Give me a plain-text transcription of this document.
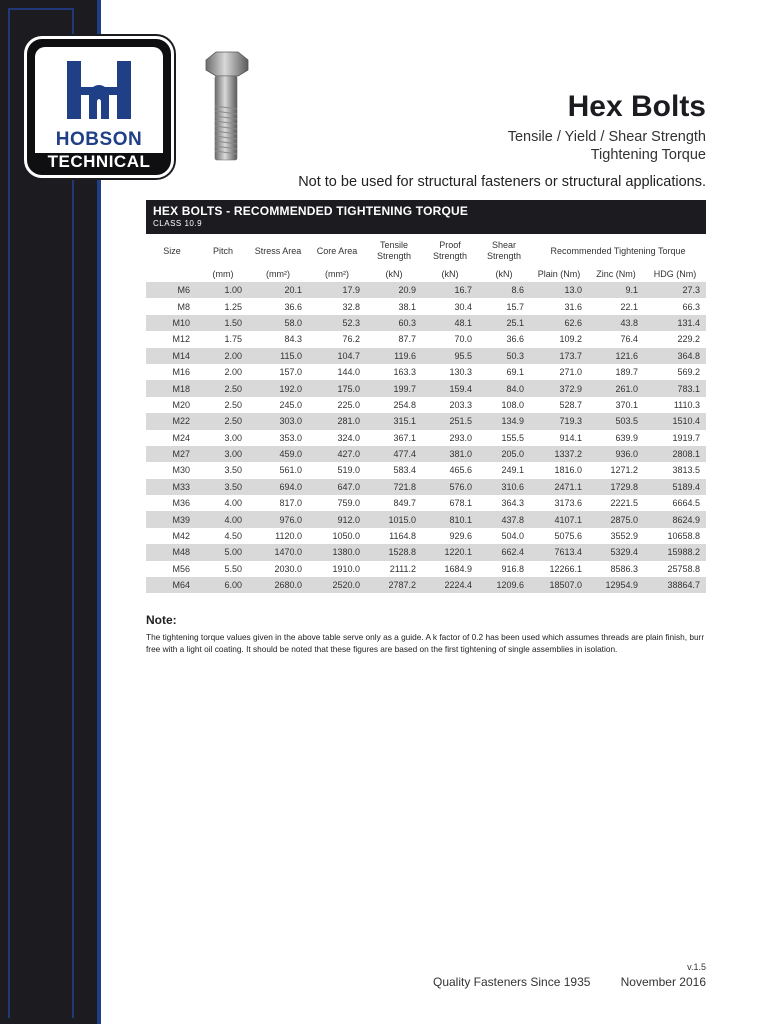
HOBSON
TECHNICAL
Hex Bolts
Tensile / Yield / Shear Strength
Tightening Torque
Not to be used for structural fasteners or structural applications.
HEX BOLTS - RECOMMENDED TIGHTENING TORQUE
CLASS 10.9
Size	Pitch	Stress Area	Core Area	Tensile Strength	Proof Strength	Shear Strength	Recommended Tightening Torque		
	(mm)	(mm²)	(mm²)	(kN)	(kN)	(kN)	Plain (Nm)	Zinc (Nm)	HDG (Nm)
M6	1.00	20.1	17.9	20.9	16.7	8.6	13.0	9.1	27.3
M8	1.25	36.6	32.8	38.1	30.4	15.7	31.6	22.1	66.3
M10	1.50	58.0	52.3	60.3	48.1	25.1	62.6	43.8	131.4
M12	1.75	84.3	76.2	87.7	70.0	36.6	109.2	76.4	229.2
M14	2.00	115.0	104.7	119.6	95.5	50.3	173.7	121.6	364.8
M16	2.00	157.0	144.0	163.3	130.3	69.1	271.0	189.7	569.2
M18	2.50	192.0	175.0	199.7	159.4	84.0	372.9	261.0	783.1
M20	2.50	245.0	225.0	254.8	203.3	108.0	528.7	370.1	1110.3
M22	2.50	303.0	281.0	315.1	251.5	134.9	719.3	503.5	1510.4
M24	3.00	353.0	324.0	367.1	293.0	155.5	914.1	639.9	1919.7
M27	3.00	459.0	427.0	477.4	381.0	205.0	1337.2	936.0	2808.1
M30	3.50	561.0	519.0	583.4	465.6	249.1	1816.0	1271.2	3813.5
M33	3.50	694.0	647.0	721.8	576.0	310.6	2471.1	1729.8	5189.4
M36	4.00	817.0	759.0	849.7	678.1	364.3	3173.6	2221.5	6664.5
M39	4.00	976.0	912.0	1015.0	810.1	437.8	4107.1	2875.0	8624.9
M42	4.50	1120.0	1050.0	1164.8	929.6	504.0	5075.6	3552.9	10658.8
M48	5.00	1470.0	1380.0	1528.8	1220.1	662.4	7613.4	5329.4	15988.2
M56	5.50	2030.0	1910.0	2111.2	1684.9	916.8	12266.1	8586.3	25758.8
M64	6.00	2680.0	2520.0	2787.2	2224.4	1209.6	18507.0	12954.9	38864.7
Note:
The tightening torque values given in the above table serve only as a guide. A k factor of 0.2 has been used which assumes threads are plain finish, burr free with a light oil coating. It should be noted that these figures are based on the first tightening of single assemblies in isolation.
v.1.5
Quality Fasteners Since 1935	November 2016
